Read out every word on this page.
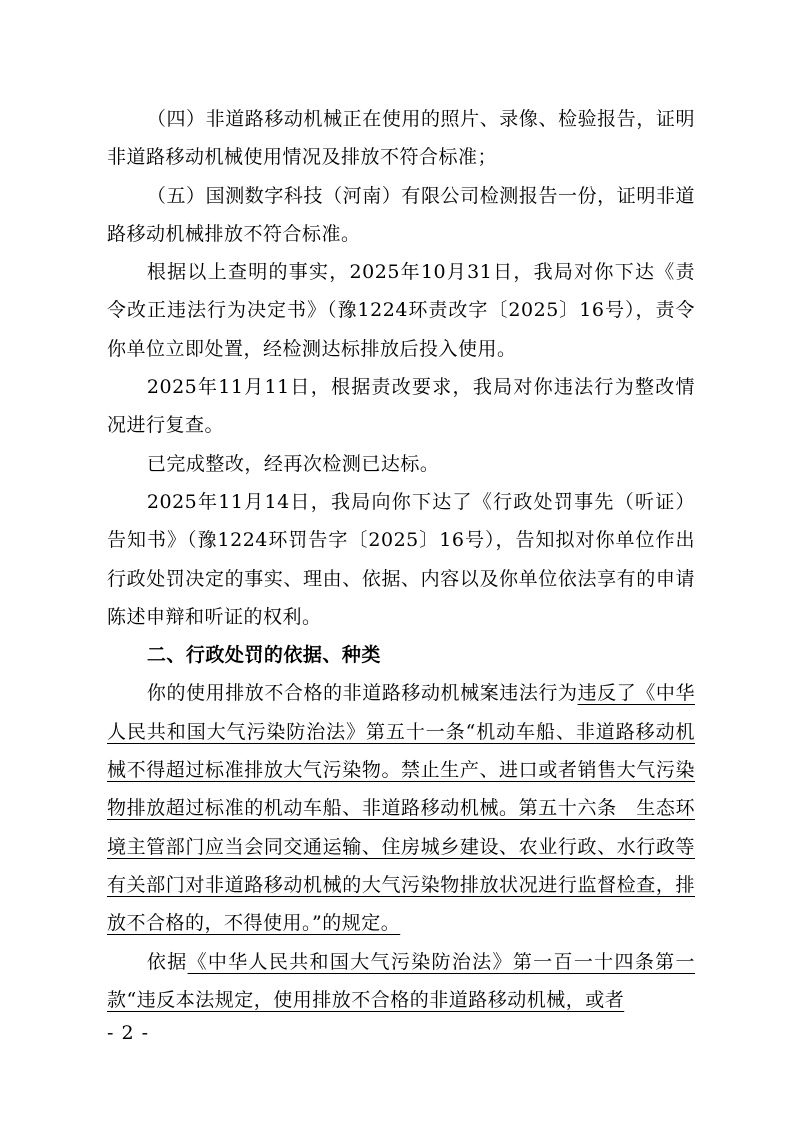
（四）非道路移动机械正在使用的照片、录像、检验报告，证明非道路移动机械使用情况及排放不符合标准；

（五）国测数字科技（河南）有限公司检测报告一份，证明非道路移动机械排放不符合标准。

根据以上查明的事实，2025年10月31日，我局对你下达《责令改正违法行为决定书》（豫1224环责改字〔2025〕16号），责令你单位立即处置，经检测达标排放后投入使用。

2025年11月11日，根据责改要求，我局对你违法行为整改情况进行复查。

已完成整改，经再次检测已达标。

2025年11月14日，我局向你下达了《行政处罚事先（听证）告知书》（豫1224环罚告字〔2025〕16号），告知拟对你单位作出行政处罚决定的事实、理由、依据、内容以及你单位依法享有的申请陈述申辩和听证的权利。

二、行政处罚的依据、种类

你的使用排放不合格的非道路移动机械案违法行为违反了《中华人民共和国大气污染防治法》第五十一条“机动车船、非道路移动机械不得超过标准排放大气污染物。禁止生产、进口或者销售大气污染物排放超过标准的机动车船、非道路移动机械。第五十六条　生态环境主管部门应当会同交通运输、住房城乡建设、农业行政、水行政等有关部门对非道路移动机械的大气污染物排放状况进行监督检查，排放不合格的，不得使用。”的规定。

依据《中华人民共和国大气污染防治法》第一百一十四条第一款“违反本法规定，使用排放不合格的非道路移动机械，或者

- 2 -
